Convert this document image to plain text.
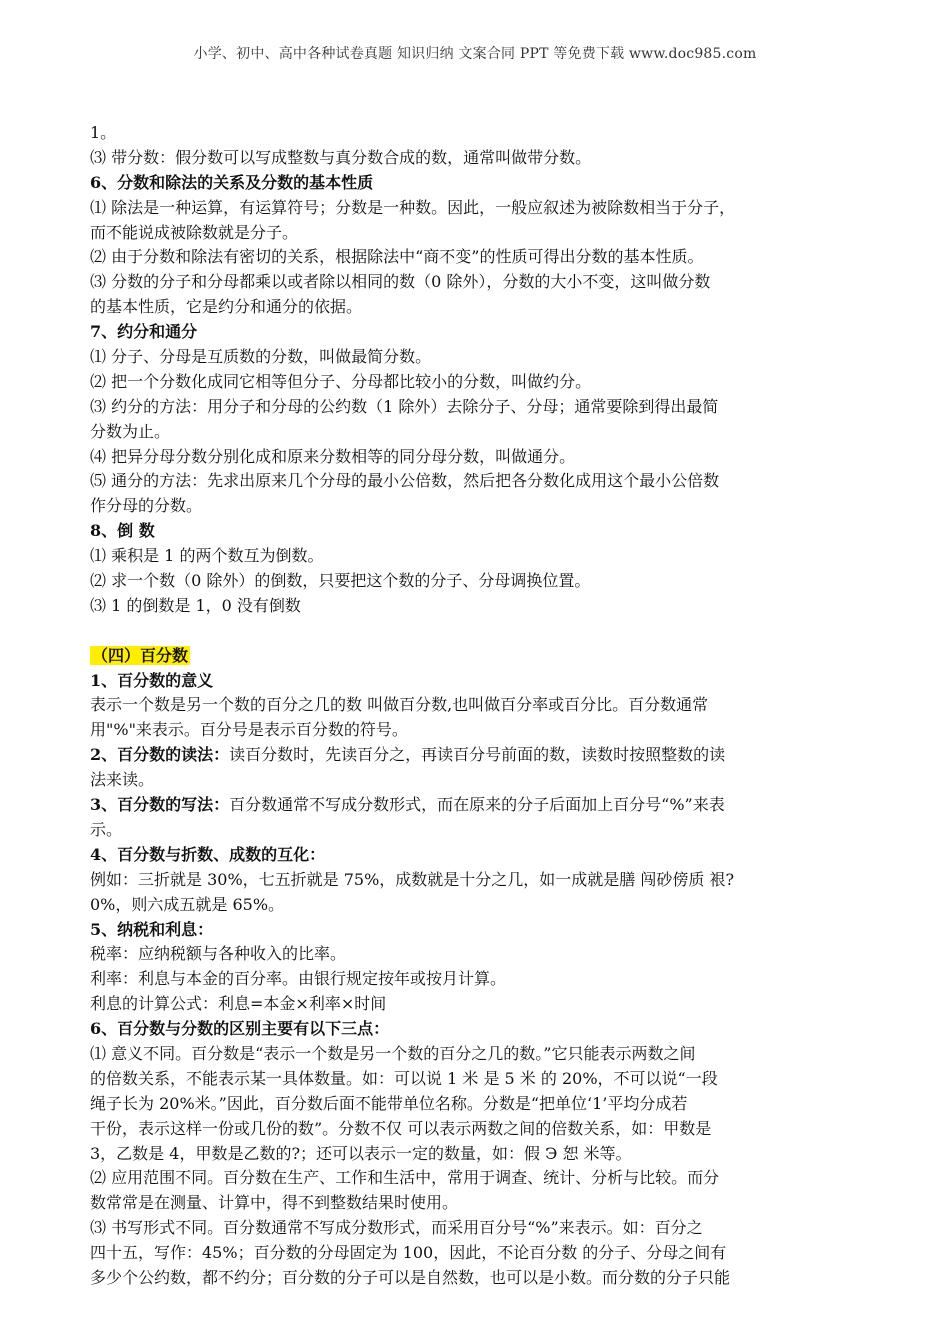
小学、初中、高中各种试卷真题 知识归纳 文案合同 PPT 等免费下载 www.doc985.com
1。
⑶ 带分数：假分数可以写成整数与真分数合成的数，通常叫做带分数。
6、分数和除法的关系及分数的基本性质
⑴ 除法是一种运算，有运算符号；分数是一种数。因此，一般应叙述为被除数相当于分子，
而不能说成被除数就是分子。
⑵ 由于分数和除法有密切的关系，根据除法中“商不变”的性质可得出分数的基本性质。
⑶ 分数的分子和分母都乘以或者除以相同的数（0 除外），分数的大小不变，这叫做分数
的基本性质，它是约分和通分的依据。
7、约分和通分
⑴ 分子、分母是互质数的分数，叫做最简分数。
⑵ 把一个分数化成同它相等但分子、分母都比较小的分数，叫做约分。
⑶ 约分的方法：用分子和分母的公约数（1 除外）去除分子、分母；通常要除到得出最简
分数为止。
⑷ 把异分母分数分别化成和原来分数相等的同分母分数，叫做通分。
⑸ 通分的方法：先求出原来几个分母的最小公倍数，然后把各分数化成用这个最小公倍数
作分母的分数。
8、倒 数
⑴ 乘积是 1 的两个数互为倒数。
⑵ 求一个数（0 除外）的倒数，只要把这个数的分子、分母调换位置。
⑶ 1 的倒数是 1，0 没有倒数
（四）百分数
1、百分数的意义
表示一个数是另一个数的百分之几的数 叫做百分数,也叫做百分率或百分比。百分数通常
用"%"来表示。百分号是表示百分数的符号。
2、百分数的读法：读百分数时，先读百分之，再读百分号前面的数，读数时按照整数的读
法来读。
3、百分数的写法：百分数通常不写成分数形式，而在原来的分子后面加上百分号“%”来表
示。
4、百分数与折数、成数的互化：
例如：三折就是 30%，七五折就是 75%，成数就是十分之几，如一成就是膳 闯砂傍质 裉?
0%，则六成五就是 65%。
5、纳税和利息：
税率：应纳税额与各种收入的比率。
利率：利息与本金的百分率。由银行规定按年或按月计算。
利息的计算公式：利息=本金×利率×时间
6、百分数与分数的区别主要有以下三点：
⑴ 意义不同。百分数是“表示一个数是另一个数的百分之几的数。”它只能表示两数之间
的倍数关系，不能表示某一具体数量。如：可以说 1 米 是 5 米 的 20%，不可以说“一段
绳子长为 20%米。”因此，百分数后面不能带单位名称。分数是“把单位‘1’平均分成若
干份，表示这样一份或几份的数”。分数不仅 可以表示两数之间的倍数关系，如：甲数是
3，乙数是 4，甲数是乙数的?；还可以表示一定的数量，如：假 Э 恕 米等。
⑵ 应用范围不同。百分数在生产、工作和生活中，常用于调查、统计、分析与比较。而分
数常常是在测量、计算中，得不到整数结果时使用。
⑶ 书写形式不同。百分数通常不写成分数形式，而采用百分号“%”来表示。如：百分之
四十五，写作：45%；百分数的分母固定为 100，因此，不论百分数 的分子、分母之间有
多少个公约数，都不约分；百分数的分子可以是自然数，也可以是小数。而分数的分子只能
